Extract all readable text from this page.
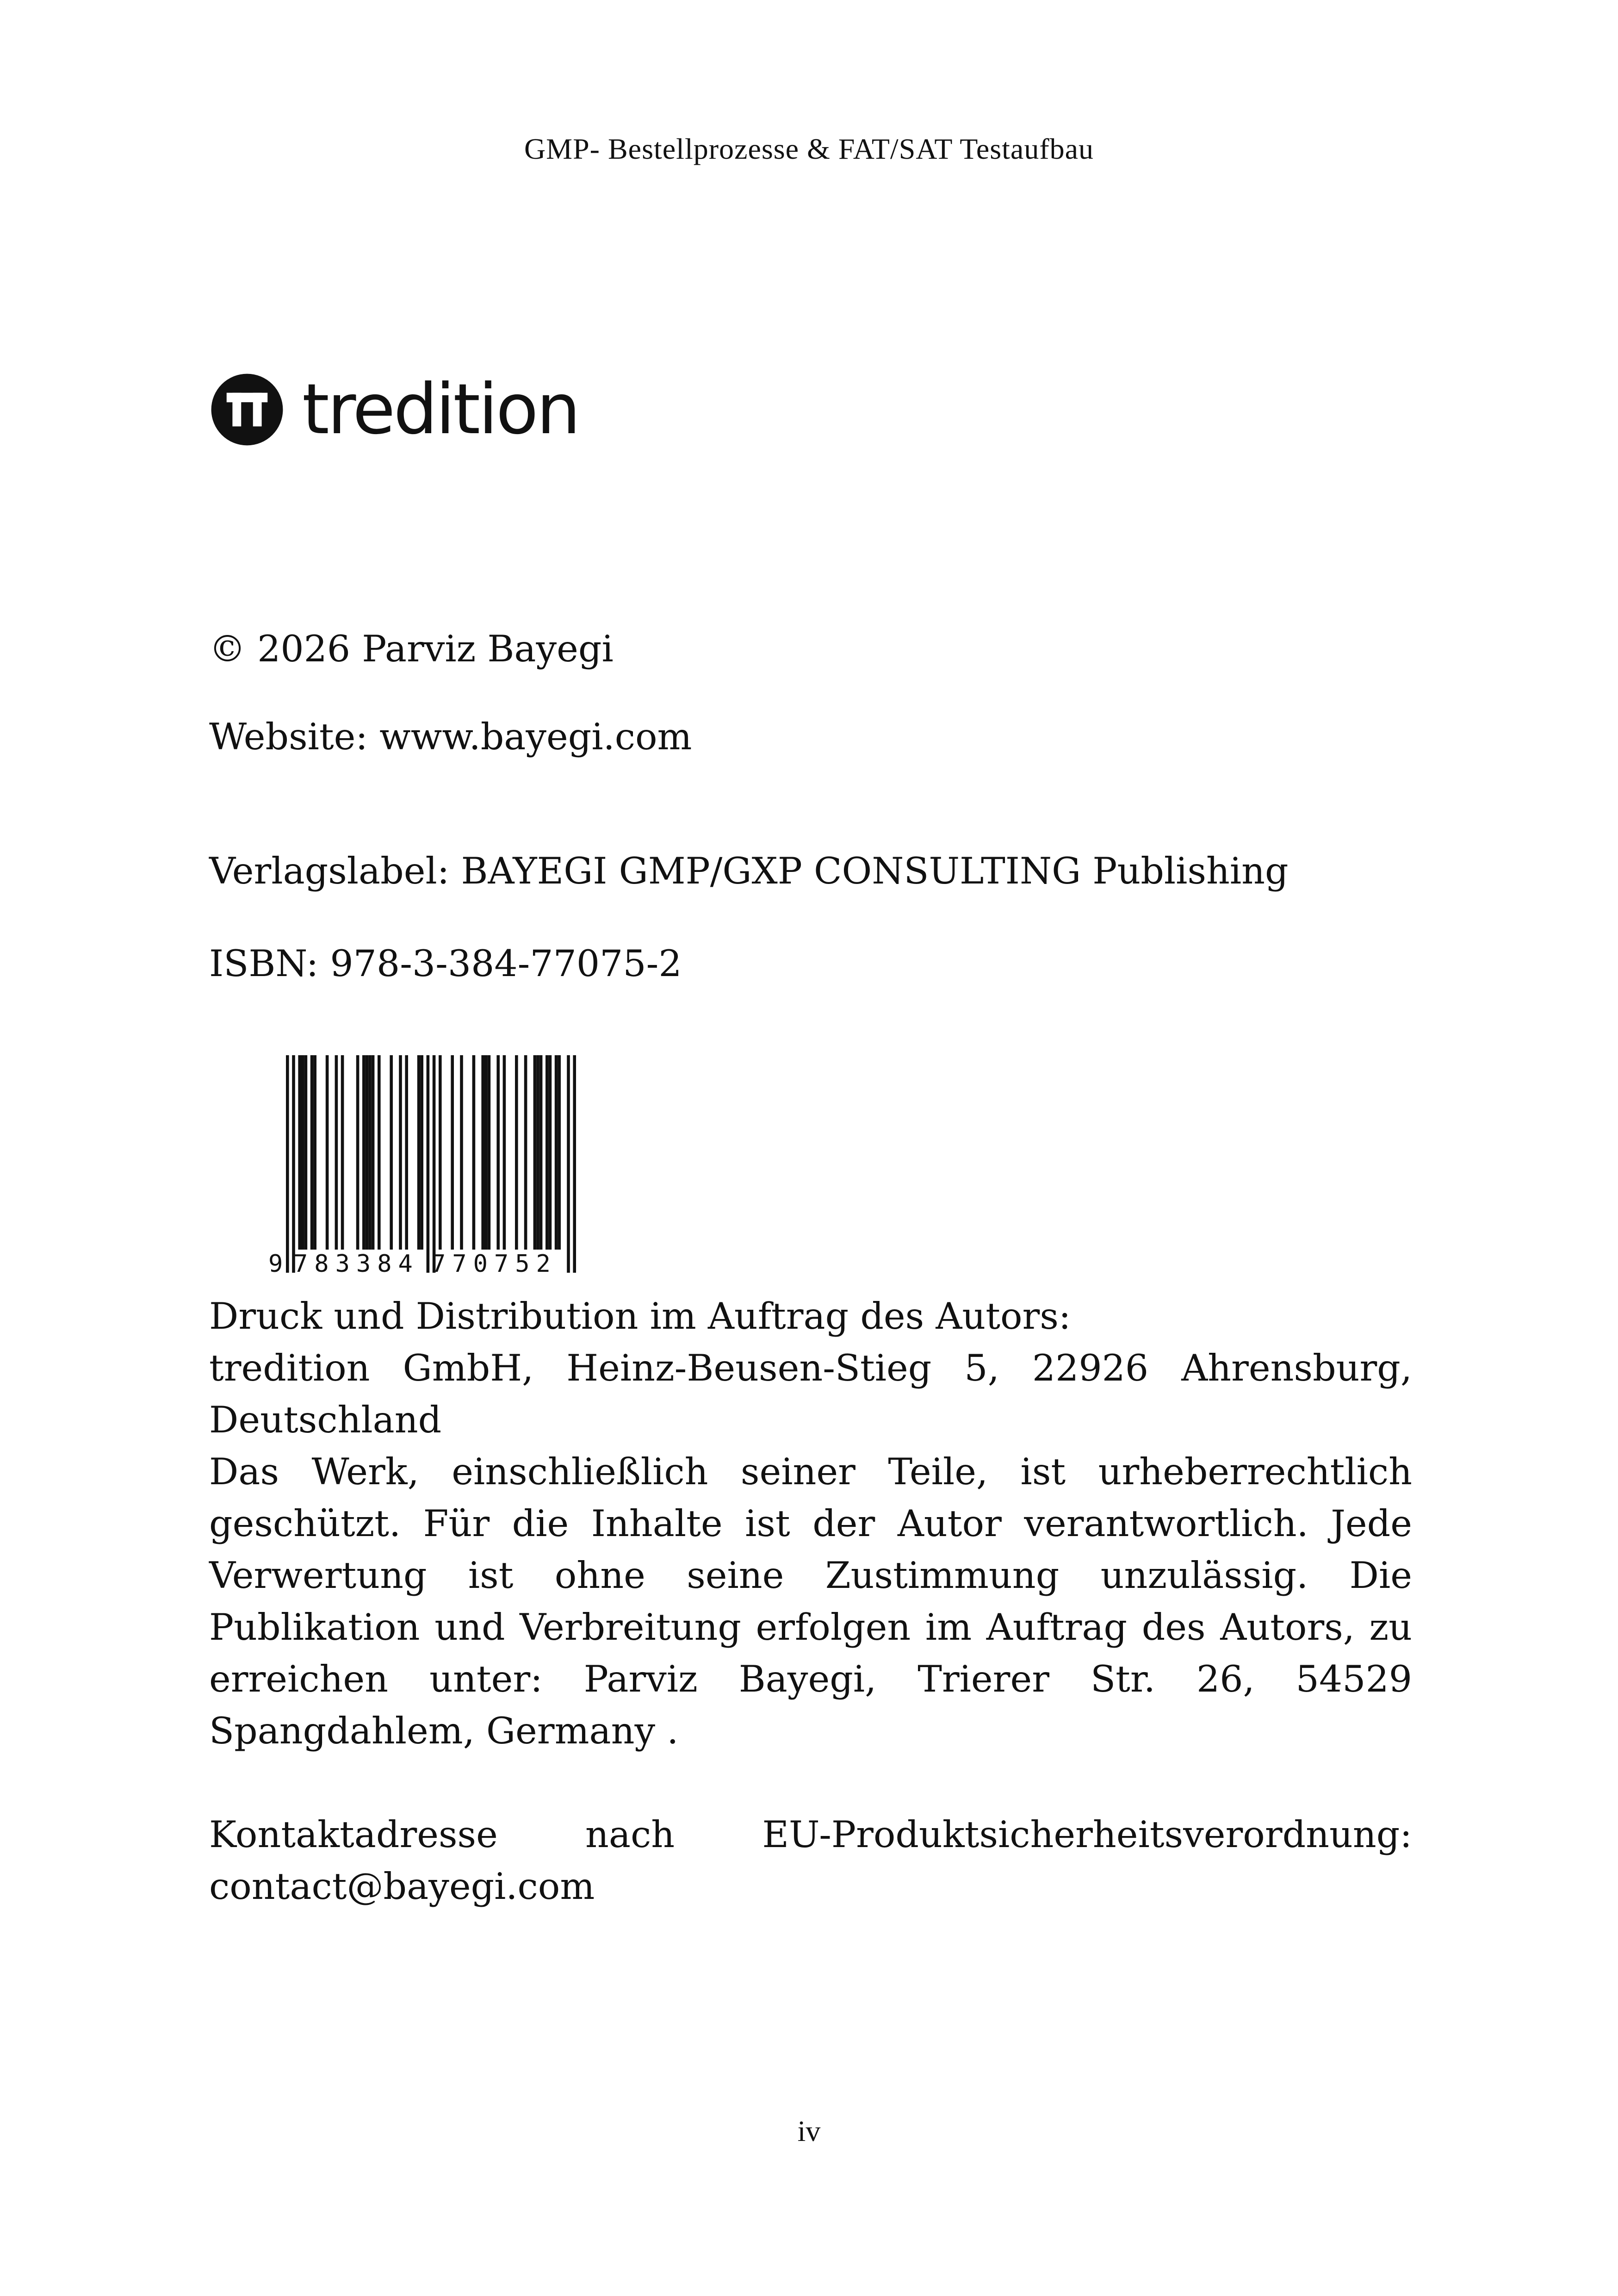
GMP- Bestellprozesse & FAT/SAT Testaufbau
tredition

© 2026 Parviz Bayegi

Website: www.bayegi.com

Verlagslabel: BAYEGI GMP/GXP CONSULTING Publishing

ISBN: 978-3-384-77075-2

9 783384 770752

Druck und Distribution im Auftrag des Autors:

tredition GmbH, Heinz-Beusen-Stieg 5, 22926 Ahrensburg,

Deutschland

Das Werk, einschließlich seiner Teile, ist urheberrechtlich geschützt. Für die Inhalte ist der Autor verantwortlich. Jede Verwertung ist ohne seine Zustimmung unzulässig. Die Publikation und Verbreitung erfolgen im Auftrag des Autors, zu erreichen unter: Parviz Bayegi, Trierer Str. 26, 54529 Spangdahlem, Germany .

Kontaktadresse nach EU-Produktsicherheitsverordnung: contact@bayegi.com

iv
